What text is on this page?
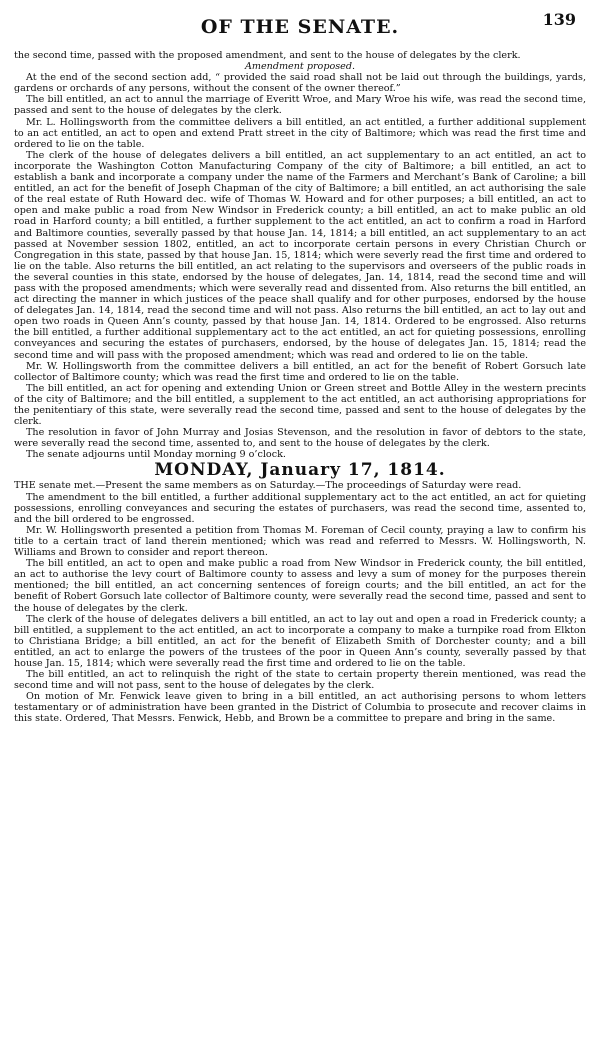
OF THE SENATE.	139

the second time, passed with the proposed amendment, and sent to the house of delegates by the clerk.

Amendment proposed.

At the end of the second section add, “ provided the said road shall not be laid out through the buildings, yards, gardens or orchards of any persons, without the consent of the owner thereof.”

The bill entitled, an act to annul the marriage of Everitt Wroe, and Mary Wroe his wife, was read the second time, passed and sent to the house of delegates by the clerk.

Mr. L. Hollingsworth from the committee delivers a bill entitled, an act entitled, a further additional supplement to an act entitled, an act to open and extend Pratt street in the city of Baltimore; which was read the first time and ordered to lie on the table.

The clerk of the house of delegates delivers a bill entitled, an act supplementary to an act entitled, an act to incorporate the Washington Cotton Manufacturing Company of the city of Baltimore; a bill entitled, an act to establish a bank and incorporate a company under the name of the Farmers and Merchant’s Bank of Caroline; a bill entitled, an act for the benefit of Joseph Chapman of the city of Baltimore; a bill entitled, an act authorising the sale of the real estate of Ruth Howard dec. wife of Thomas W. Howard and for other purposes; a bill entitled, an act to open and make public a road from New Windsor in Frederick county; a bill entitled, an act to make public an old road in Harford county; a bill entitled, a further supplement to the act entitled, an act to confirm a road in Harford and Baltimore counties, severally passed by that house Jan. 14, 1814; a bill entitled, an act supplementary to an act passed at November session 1802, entitled, an act to incorporate certain persons in every Christian Church or Congregation in this state, passed by that house Jan. 15, 1814; which were severly read the first time and ordered to lie on the table. Also returns the bill entitled, an act relating to the supervisors and overseers of the public roads in the several counties in this state, endorsed by the house of delegates, Jan. 14, 1814, read the second time and will pass with the proposed amendments; which were severally read and dissented from. Also returns the bill entitled, an act directing the manner in which justices of the peace shall qualify and for other purposes, endorsed by the house of delegates Jan. 14, 1814, read the second time and will not pass. Also returns the bill entitled, an act to lay out and open two roads in Queen Ann’s county, passed by that house Jan. 14, 1814. Ordered to be engrossed. Also returns the bill entitled, a further additional supplementary act to the act entitled, an act for quieting possessions, enrolling conveyances and securing the estates of purchasers, endorsed, by the house of delegates Jan. 15, 1814; read the second time and will pass with the proposed amendment; which was read and ordered to lie on the table.

Mr. W. Hollingsworth from the committee delivers a bill entitled, an act for the benefit of Robert Gorsuch late collector of Baltimore county; which was read the first time and ordered to lie on the table.

The bill entitled, an act for opening and extending Union or Green street and Bottle Alley in the western precints of the city of Baltimore; and the bill entitled, a supplement to the act entitled, an act authorising appropriations for the penitentiary of this state, were severally read the second time, passed and sent to the house of delegates by the clerk.

The resolution in favor of John Murray and Josias Stevenson, and the resolution in favor of debtors to the state, were severally read the second time, assented to, and sent to the house of delegates by the clerk.

The senate adjourns until Monday morning 9 o’clock.

MONDAY, January 17, 1814.

THE senate met.—Present the same members as on Saturday.—The proceedings of Saturday were read.

The amendment to the bill entitled, a further additional supplementary act to the act entitled, an act for quieting possessions, enrolling conveyances and securing the estates of purchasers, was read the second time, assented to, and the bill ordered to be engrossed.

Mr. W. Hollingsworth presented a petition from Thomas M. Foreman of Cecil county, praying a law to confirm his title to a certain tract of land therein mentioned; which was read and referred to Messrs. W. Hollingsworth, N. Williams and Brown to consider and report thereon.

The bill entitled, an act to open and make public a road from New Windsor in Frederick county, the bill entitled, an act to authorise the levy court of Baltimore county to assess and levy a sum of money for the purposes therein mentioned; the bill entitled, an act concerning sentences of foreign courts; and the bill entitled, an act for the benefit of Robert Gorsuch late collector of Baltimore county, were severally read the second time, passed and sent to the house of delegates by the clerk.

The clerk of the house of delegates delivers a bill entitled, an act to lay out and open a road in Frederick county; a bill entitled, a supplement to the act entitled, an act to incorporate a company to make a turnpike road from Elkton to Christiana Bridge; a bill entitled, an act for the benefit of Elizabeth Smith of Dorchester county; and a bill entitled, an act to enlarge the powers of the trustees of the poor in Queen Ann’s county, severally passed by that house Jan. 15, 1814; which were severally read the first time and ordered to lie on the table.

The bill entitled, an act to relinquish the right of the state to certain property therein mentioned, was read the second time and will not pass, sent to the house of delegates by the clerk.

On motion of Mr. Fenwick leave given to bring in a bill entitled, an act authorising persons to whom letters testamentary or of administration have been granted in the District of Columbia to prosecute and recover claims in this state. Ordered, That Messrs. Fenwick, Hebb, and Brown be a committee to prepare and bring in the same.
